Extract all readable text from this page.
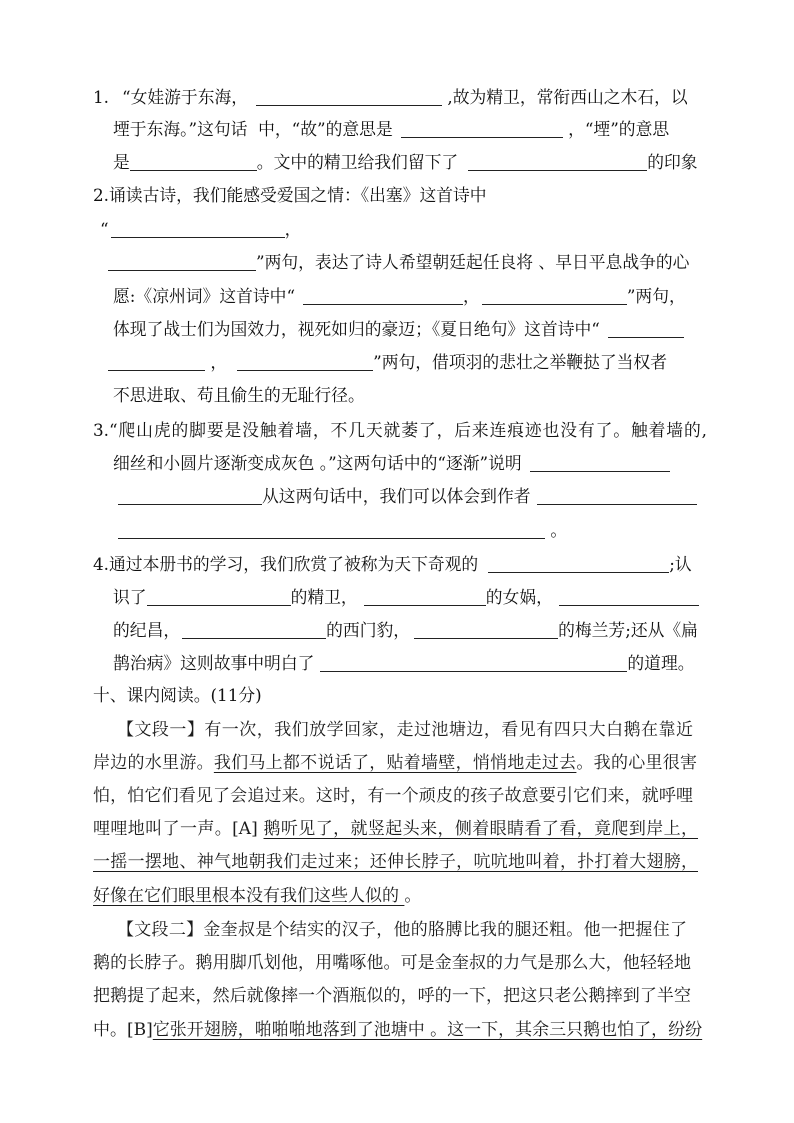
1. “女娃游于东海，	,故为精卫，常衔西山之木石，以
堙于东海。”这句话  中，“故”的意思是	，“堙”的意思
是	。文中的精卫给我们留下了	的印象
2.诵读古诗，我们能感受爱国之情：《出塞》这首诗中
“	，
”两句，表达了诗人希望朝廷起任良将 、早日平息战争的心
愿:《凉州词》这首诗中“	，	”两句，
体现了战士们为国效力，视死如归的豪迈；《夏日绝句》这首诗中“
，	”两句，借项羽的悲壮之举鞭挞了当权者
不思进取、苟且偷生的无耻行径。
3.“爬山虎的脚要是没触着墙，不几天就萎了，后来连痕迹也没有了。触着墙的,
细丝和小圆片逐渐变成灰色 。”这两句话中的“逐渐”说明
从这两句话中，我们可以体会到作者
。
4.通过本册书的学习，我们欣赏了被称为天下奇观的	;认
识了	的精卫，	的女娲，
的纪昌，	的西门豹，	的梅兰芳;还从《扁
鹊治病》这则故事中明白了	的道理。
十、课内阅读。(11分)
【文段一】有一次，我们放学回家，走过池塘边，看见有四只大白鹅在靠近
岸边的水里游。我们马上都不说话了，贴着墙壁，悄悄地走过去。我的心里很害
怕，怕它们看见了会追过来。这时，有一个顽皮的孩子故意要引它们来，就呼哩
哩哩地叫了一声。[A] 鹅听见了，就竖起头来，侧着眼睛看了看，竟爬到岸上，
一摇一摆地、神气地朝我们走过来；还伸长脖子，吭吭地叫着，扑打着大翅膀，
好像在它们眼里根本没有我们这些人似的 。
【文段二】金奎叔是个结实的汉子，他的胳膊比我的腿还粗。他一把握住了
鹅的长脖子。鹅用脚爪划他，用嘴啄他。可是金奎叔的力气是那么大，他轻轻地
把鹅提了起来，然后就像摔一个酒瓶似的，呼的一下，把这只老公鹅摔到了半空
中。[B]它张开翅膀，啪啪啪地落到了池塘中 。这一下，其余三只鹅也怕了，纷纷
